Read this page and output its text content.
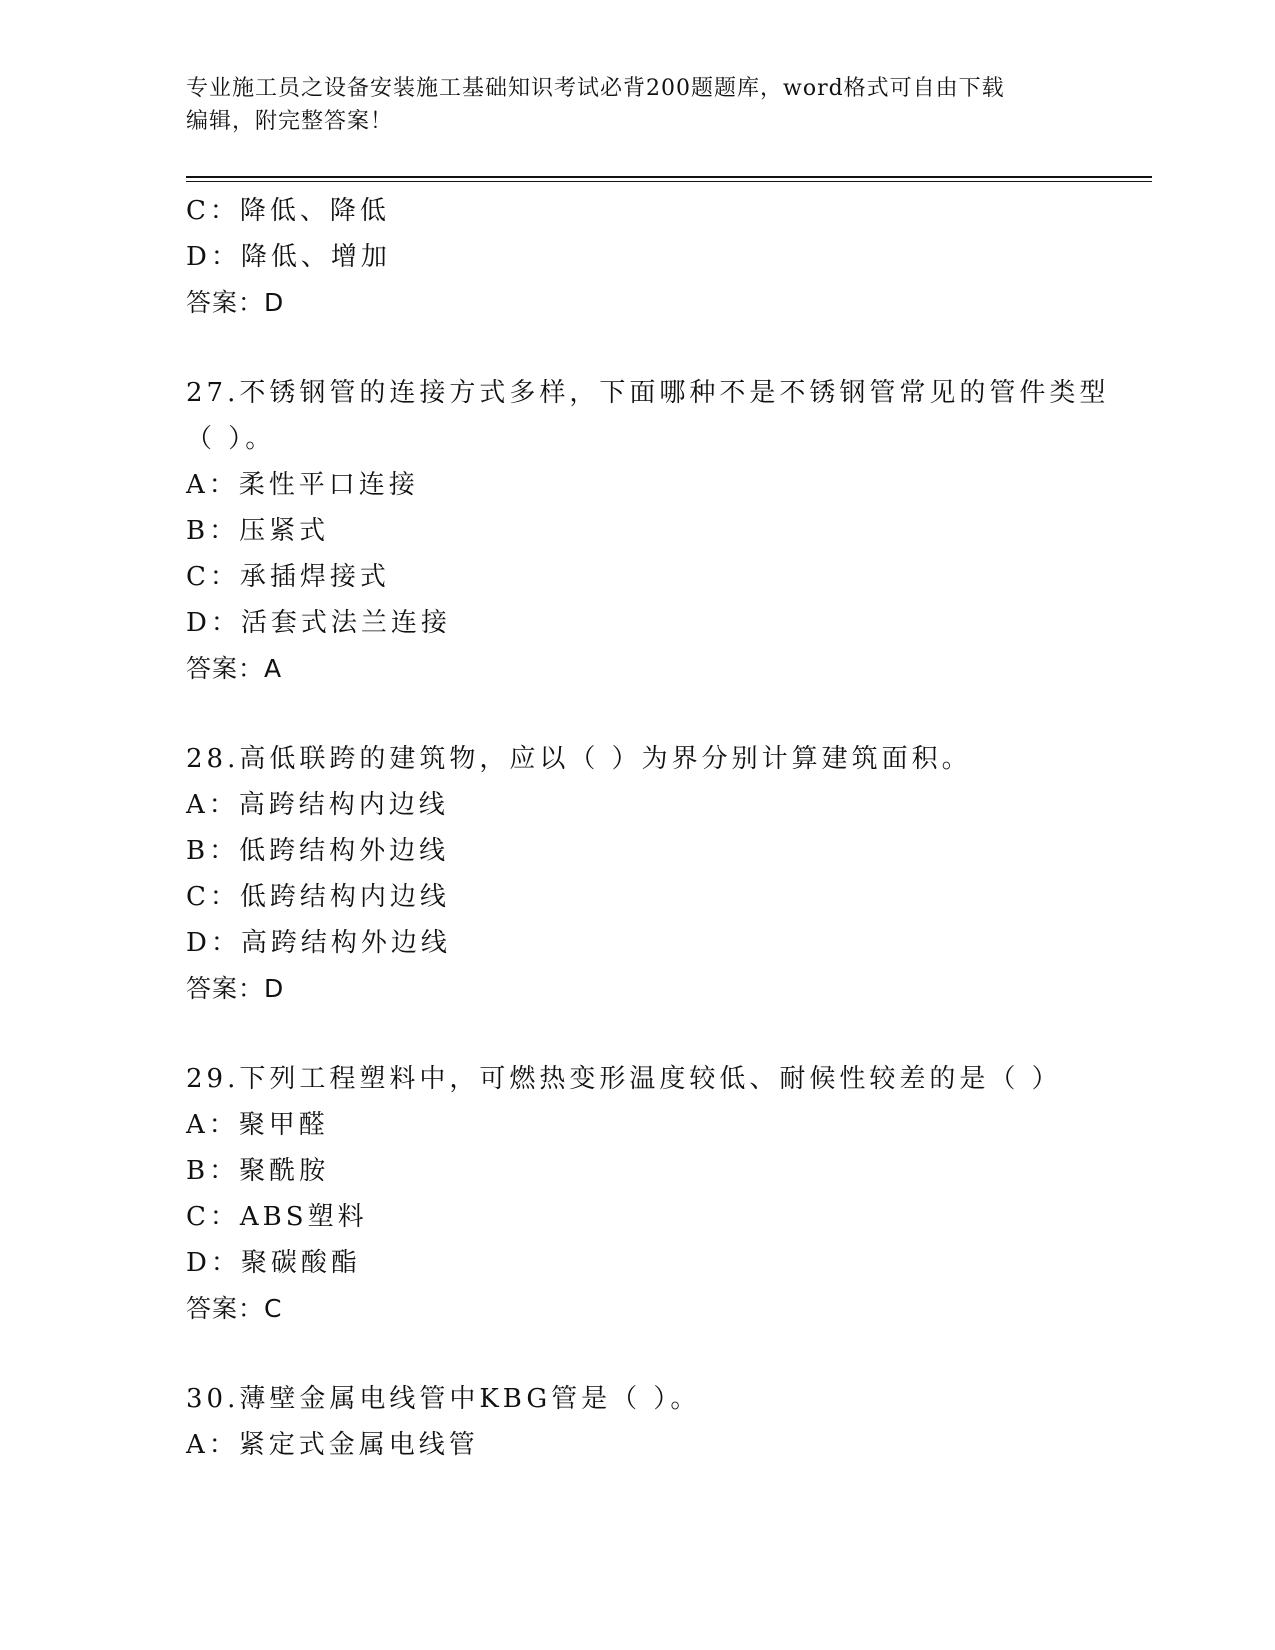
专业施工员之设备安装施工基础知识考试必背200题题库，word格式可自由下载
编辑，附完整答案！
C：降低、降低
D：降低、增加
答案：D
27.不锈钢管的连接方式多样，下面哪种不是不锈钢管常见的管件类型
（ ）。
A：柔性平口连接
B：压紧式
C：承插焊接式
D：活套式法兰连接
答案：A
28.高低联跨的建筑物，应以（ ）为界分别计算建筑面积。
A：高跨结构内边线
B：低跨结构外边线
C：低跨结构内边线
D：高跨结构外边线
答案：D
29.下列工程塑料中，可燃热变形温度较低、耐候性较差的是（ ）
A：聚甲醛
B：聚酰胺
C：ABS塑料
D：聚碳酸酯
答案：C
30.薄壁金属电线管中KBG管是（ ）。
A：紧定式金属电线管
